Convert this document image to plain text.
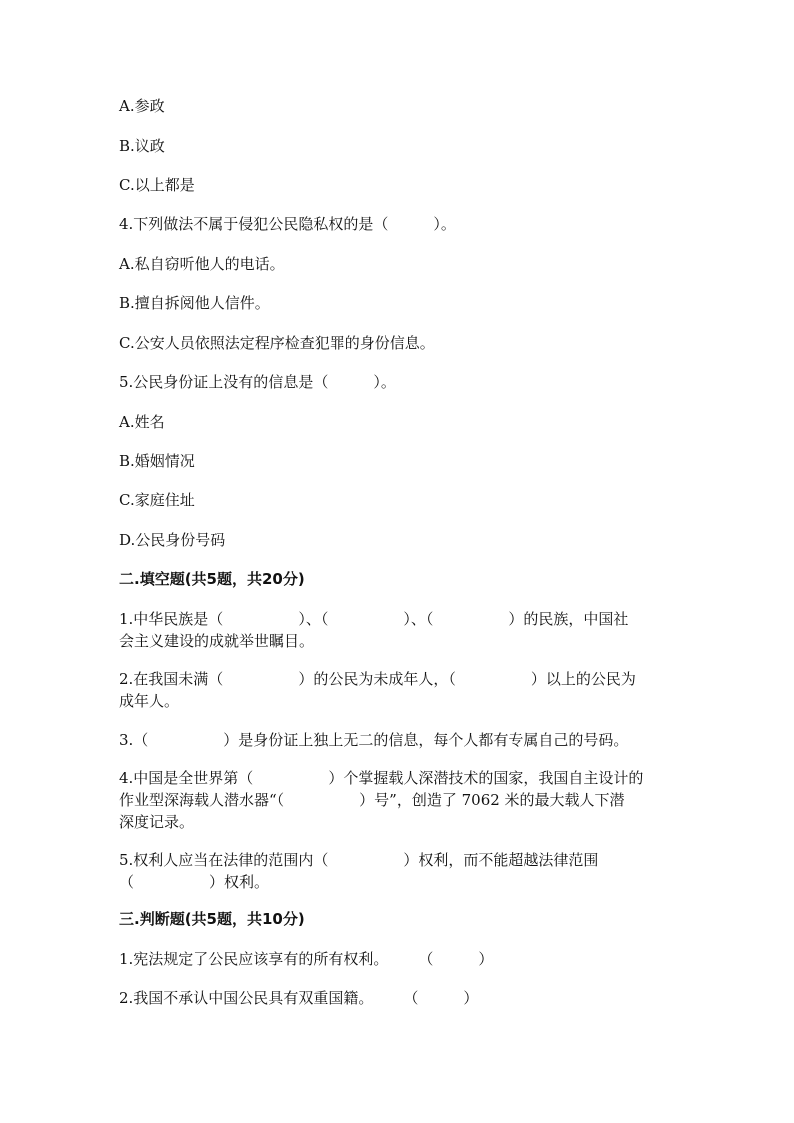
A.参政
B.议政
C.以上都是
4.下列做法不属于侵犯公民隐私权的是（　　　）。
A.私自窃听他人的电话。
B.擅自拆阅他人信件。
C.公安人员依照法定程序检查犯罪的身份信息。
5.公民身份证上没有的信息是（　　　）。
A.姓名
B.婚姻情况
C.家庭住址
D.公民身份号码
二.填空题(共5题，共20分)
1.中华民族是（　　　　　）、（　　　　　）、（　　　　　）的民族，中国社
会主义建设的成就举世瞩目。
2.在我国未满（　　　　　）的公民为未成年人，（　　　　　）以上的公民为
成年人。
3.（　　　　　）是身份证上独上无二的信息，每个人都有专属自己的号码。
4.中国是全世界第（　　　　　）个掌握载人深潜技术的国家，我国自主设计的
作业型深海载人潜水器“（　　　　　）号”，创造了 7062 米的最大载人下潜
深度记录。
5.权利人应当在法律的范围内（　　　　　）权利，而不能超越法律范围
（　　　　　）权利。
三.判断题(共5题，共10分)
1.宪法规定了公民应该享有的所有权利。　　　（　　　）
2.我国不承认中国公民具有双重国籍。　　　（　　　）
